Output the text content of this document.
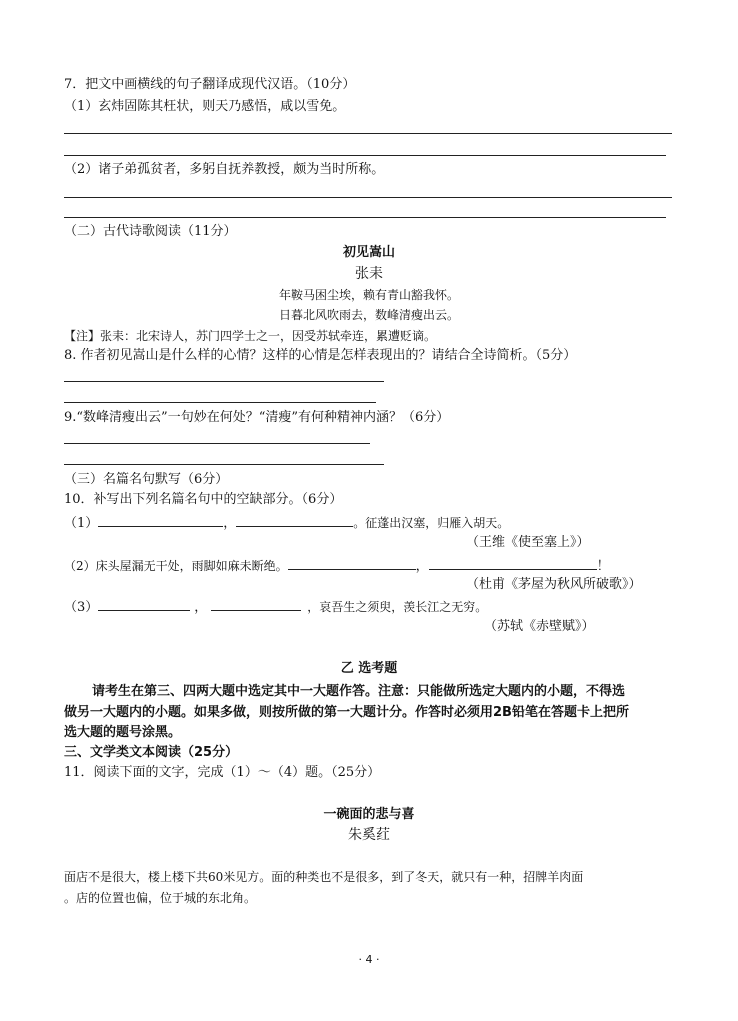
7．把文中画横线的句子翻译成现代汉语。（10分）
（1）玄炜固陈其枉状，则天乃感悟，咸以雪免。
（2）诸子弟孤贫者，多躬自抚养教授，颇为当时所称。
（二）古代诗歌阅读（11分）
初见嵩山
张耒
年鞍马困尘埃，赖有青山豁我怀。
日暮北风吹雨去，数峰清瘦出云。
【注】张耒：北宋诗人，苏门四学士之一，因受苏轼牵连，累遭贬谪。
8. 作者初见嵩山是什么样的心情？这样的心情是怎样表现出的？请结合全诗简析。（5分）
9.“数峰清瘦出云”一句妙在何处？“清瘦”有何种精神内涵？（6分）
（三）名篇名句默写（6分）
10．补写出下列名篇名句中的空缺部分。（6分）
（1）	，	。征蓬出汉塞，归雁入胡天。
（王维《使至塞上》）
（2）床头屋漏无干处，雨脚如麻未断绝。	，	！
（杜甫《茅屋为秋风所破歌》）
（3）	，	，哀吾生之须臾，羡长江之无穷。
（苏轼《赤壁赋》）
乙 选考题
请考生在第三、四两大题中选定其中一大题作答。注意：只能做所选定大题内的小题，不得选
做另一大题内的小题。如果多做，则按所做的第一大题计分。作答时必须用2B铅笔在答题卡上把所
选大题的题号涂黑。
三、文学类文本阅读（25分）
11．阅读下面的文字，完成（1）～（4）题。（25分）
一碗面的悲与喜
朱奚荭
面店不是很大，楼上楼下共60米见方。面的种类也不是很多，到了冬天，就只有一种，招牌羊肉面
。店的位置也偏，位于城的东北角。
· 4 ·
